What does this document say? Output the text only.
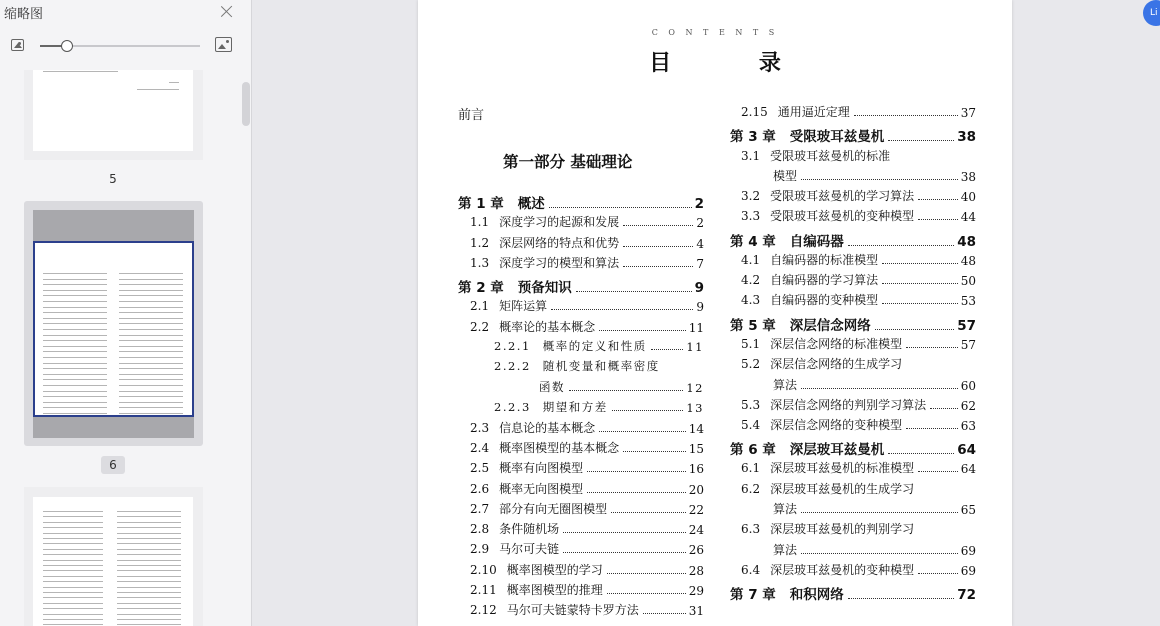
缩略图
5
6
C O N T E N T S
目 录
前言
第一部分 基础理论
第 1 章 概述	2
1.1 深度学习的起源和发展	2
1.2 深层网络的特点和优势	4
1.3 深度学习的模型和算法	7
第 2 章 预备知识	9
2.1 矩阵运算	9
2.2 概率论的基本概念	11
2.2.1 概率的定义和性质	11
2.2.2 随机变量和概率密度
函数	12
2.2.3 期望和方差	13
2.3 信息论的基本概念	14
2.4 概率图模型的基本概念	15
2.5 概率有向图模型	16
2.6 概率无向图模型	20
2.7 部分有向无圈图模型	22
2.8 条件随机场	24
2.9 马尔可夫链	26
2.10 概率图模型的学习	28
2.11 概率图模型的推理	29
2.12 马尔可夫链蒙特卡罗方法	31
2.15 通用逼近定理	37
第 3 章 受限玻耳兹曼机	38
3.1 受限玻耳兹曼机的标准
模型	38
3.2 受限玻耳兹曼机的学习算法	40
3.3 受限玻耳兹曼机的变种模型	44
第 4 章 自编码器	48
4.1 自编码器的标准模型	48
4.2 自编码器的学习算法	50
4.3 自编码器的变种模型	53
第 5 章 深层信念网络	57
5.1 深层信念网络的标准模型	57
5.2 深层信念网络的生成学习
算法	60
5.3 深层信念网络的判别学习算法	62
5.4 深层信念网络的变种模型	63
第 6 章 深层玻耳兹曼机	64
6.1 深层玻耳兹曼机的标准模型	64
6.2 深层玻耳兹曼机的生成学习
算法	65
6.3 深层玻耳兹曼机的判别学习
算法	69
6.4 深层玻耳兹曼机的变种模型	69
第 7 章 和积网络	72
Li
